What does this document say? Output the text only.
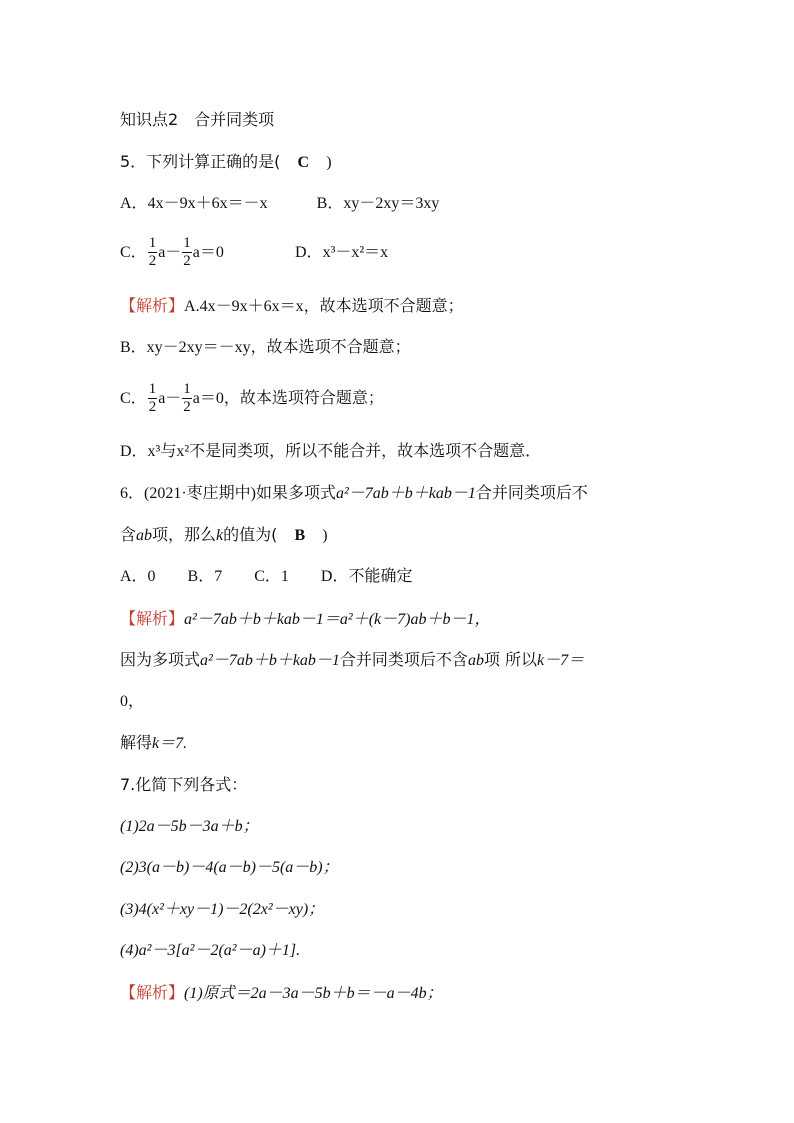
知识点2　合并同类项
5．下列计算正确的是( C )
A．4x－9x＋6x＝－x	B．xy－2xy＝3xy
C． $\frac{1}{2} a- \frac{1}{2} a=0$	D．x³－x²＝x
【解析】A.4x－9x＋6x＝x，故本选项不合题意；
B．xy－2xy＝－xy，故本选项不合题意；
C． $\frac{1}{2} a- \frac{1}{2} a=0$，故本选项符合题意；
D．x³与x²不是同类项，所以不能合并，故本选项不合题意．
6．(2021·枣庄期中)如果多项式a²－7ab＋b＋kab－1合并同类项后不
含ab项，那么k的值为( B )
A．0　　B．7　　C．1　　D．不能确定
【解析】a²－7ab＋b＋kab－1＝a²＋(k－7)ab＋b－1，
因为多项式a²－7ab＋b＋kab－1合并同类项后不含ab项 所以k－7＝
0，
解得k＝7.
7.化简下列各式：
(1)2a－5b－3a＋b；
(2)3(a－b)－4(a－b)－5(a－b)；
(3)4(x²＋xy－1)－2(2x²－xy)；
(4)a²－3[a²－2(a²－a)＋1].
【解析】(1)原式＝2a－3a－5b＋b＝－a－4b；
